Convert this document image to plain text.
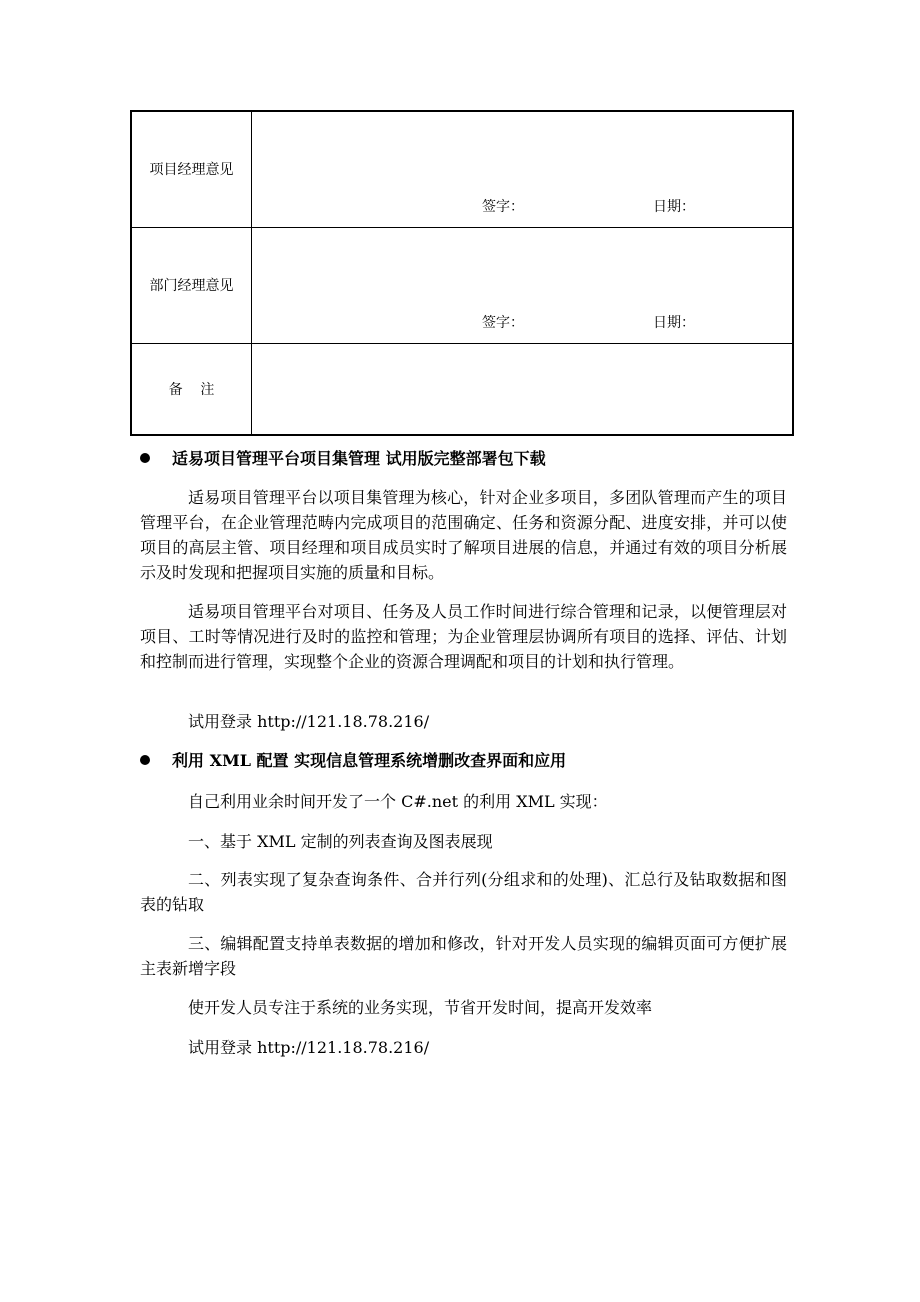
项目经理意见	签字： 日期：

部门经理意见	签字： 日期：

备    注	
适易项目管理平台项目集管理 试用版完整部署包下载

适易项目管理平台以项目集管理为核心，针对企业多项目，多团队管理而产生的项目管理平台，在企业管理范畴内完成项目的范围确定、任务和资源分配、进度安排，并可以使项目的高层主管、项目经理和项目成员实时了解项目进展的信息，并通过有效的项目分析展示及时发现和把握项目实施的质量和目标。

适易项目管理平台对项目、任务及人员工作时间进行综合管理和记录，以便管理层对项目、工时等情况进行及时的监控和管理；为企业管理层协调所有项目的选择、评估、计划和控制而进行管理，实现整个企业的资源合理调配和项目的计划和执行管理。

试用登录 http://121.18.78.216/
利用 XML 配置 实现信息管理系统增删改查界面和应用
自己利用业余时间开发了一个 C#.net 的利用 XML 实现：
一、基于 XML 定制的列表查询及图表展现

二、列表实现了复杂查询条件、合并行列(分组求和的处理)、汇总行及钻取数据和图表的钻取

三、编辑配置支持单表数据的增加和修改，针对开发人员实现的编辑页面可方便扩展主表新增字段

使开发人员专注于系统的业务实现，节省开发时间，提高开发效率
试用登录 http://121.18.78.216/
